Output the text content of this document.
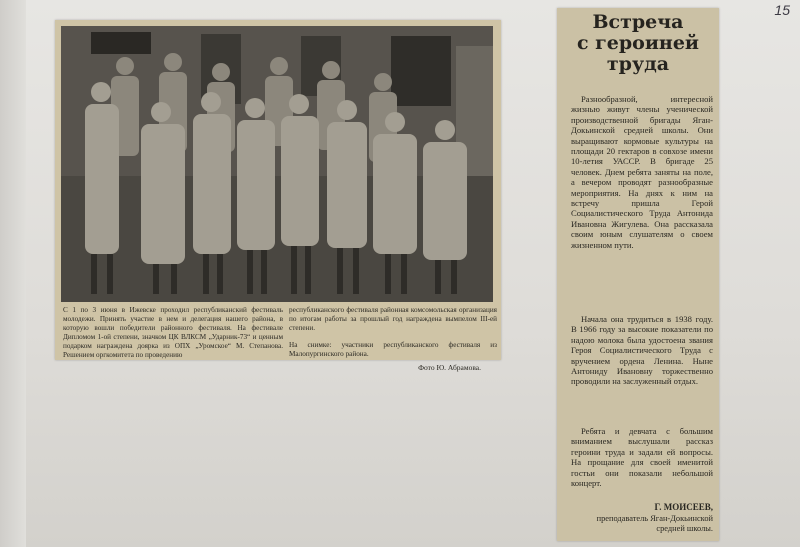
15

С 1 по 3 июня в Ижевске проходил республиканский фестиваль молодежи. Принять участие в нем и делегация нашего района, в которую вошли победители районного фестиваля. На фестивале Дипломом 1-ой степени, значком ЦК ВЛКСМ „Ударник-73“ и ценным подарком награждена доярка из ОПХ „Уромское“ М. Степанова. Решением оргкомитета по проведению

республиканского фестиваля районная комсомольская организация по итогам работы за прошлый год награждена вымпелом III-ей степени.

На снимке: участники республиканского фестиваля из Малопургинского района.

Фото Ю. Абрамова.
Встреча
с героиней
труда

Разнообразной, интересной жизнью живут члены ученической производственной бригады Яган-Докьинской средней школы. Они выращивают кормовые культуры на площади 20 гектаров в совхозе имени 10-летия УАССР. В бригаде 25 человек. Днем ребята заняты на поле, а вечером проводят разнообразные мероприятия. На днях к ним на встречу пришла Герой Социалистического Труда Антонида Ивановна Жигулева. Она рассказала своим юным слушателям о своем жизненном пути.

Начала она трудиться в 1938 году. В 1966 году за высокие показатели по надою молока была удостоена звания Героя Социалистического Труда с вручением ордена Ленина. Ныне Антониду Ивановну торжественно проводили на заслуженный отдых.

Ребята и девчата с большим вниманием выслушали рассказ героини труда и задали ей вопросы. На прощание для своей именитой гостьи они показали небольшой концерт.

Г. МОИСЕЕВ,

преподаватель Яган-Докьинской средней школы.
